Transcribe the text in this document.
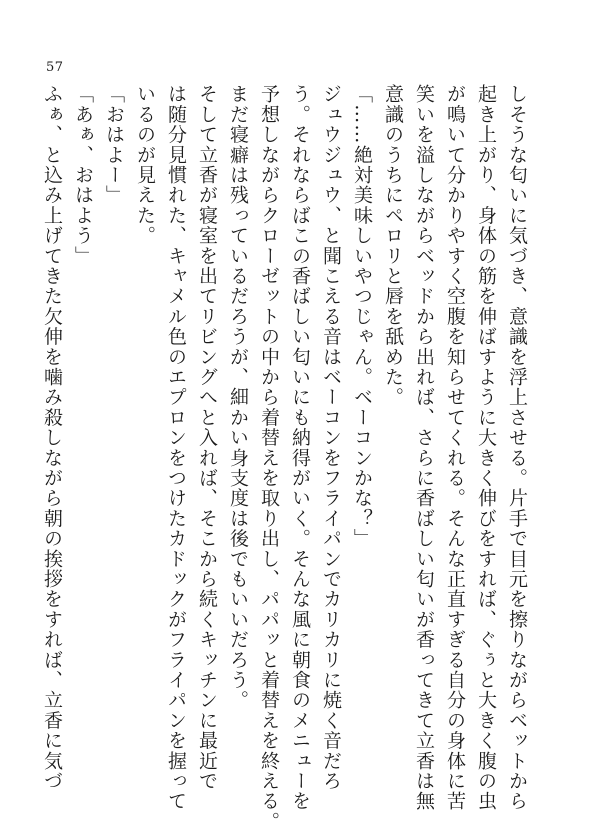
57

しそうな匂いに気づき、意識を浮上させる。片手で目元を擦りながらベットから

起き上がり、身体の筋を伸ばすように大きく伸びをすれば、ぐぅと大きく腹の虫

が鳴いて分かりやすく空腹を知らせてくれる。そんな正直すぎる自分の身体に苦

笑いを溢しながらベッドから出れば、さらに香ばしい匂いが香ってきて立香は無

意識のうちにペロリと唇を舐めた。

「……絶対美味しいやつじゃん。ベーコンかな？」

ジュウジュウ、と聞こえる音はベーコンをフライパンでカリカリに焼く音だろ

う。それならばこの香ばしい匂いにも納得がいく。そんな風に朝食のメニューを

予想しながらクローゼットの中から着替えを取り出し、パパッと着替えを終える。

まだ寝癖は残っているだろうが、細かい身支度は後でもいいだろう。

そして立香が寝室を出てリビングへと入れば、そこから続くキッチンに最近で

は随分見慣れた、キャメル色のエプロンをつけたカドックがフライパンを握って

いるのが見えた。

「おはよー」

「あぁ、おはよう」

ふぁ、と込み上げてきた欠伸を噛み殺しながら朝の挨拶をすれば、立香に気づ
